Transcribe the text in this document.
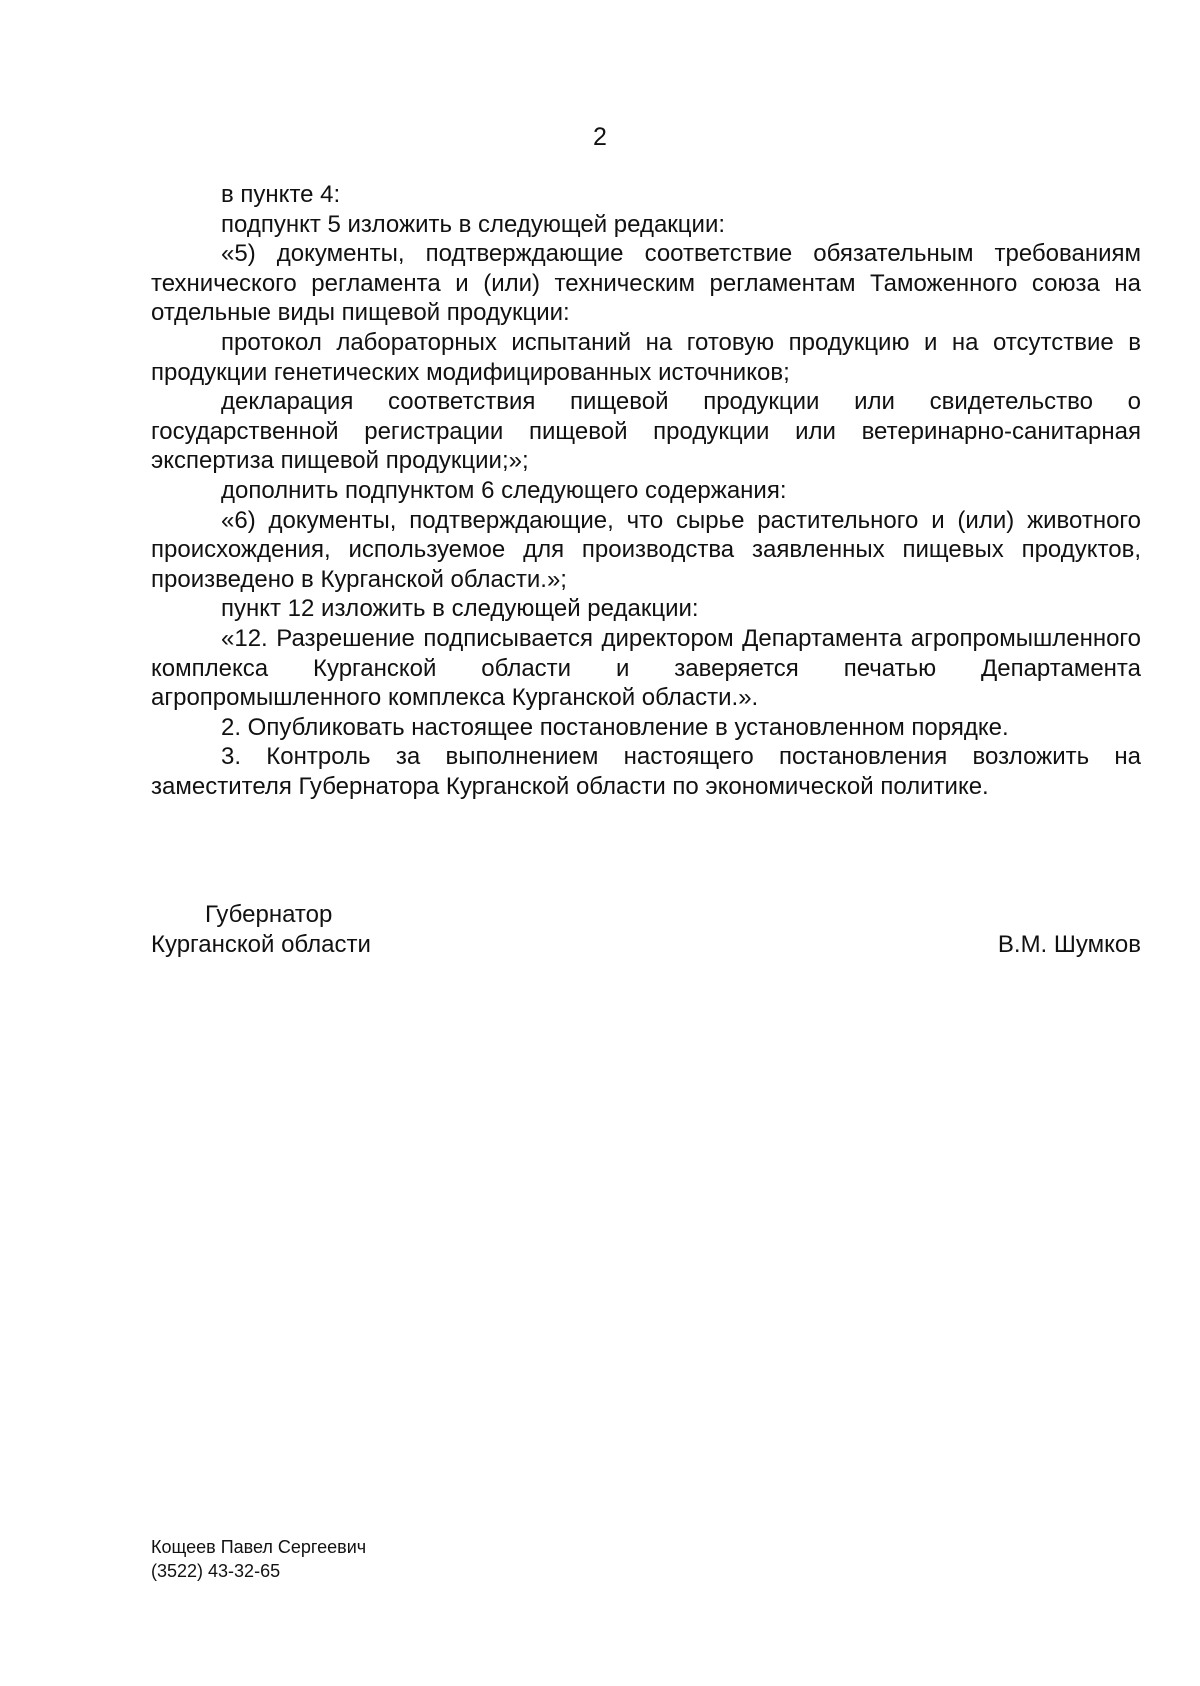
2

в пункте 4:

подпункт 5 изложить в следующей редакции:

«5) документы, подтверждающие соответствие обязательным требованиям технического регламента и (или) техническим регламентам Таможенного союза на отдельные виды пищевой продукции:

протокол лабораторных испытаний на готовую продукцию и на отсутствие в продукции генетических модифицированных источников;

декларация соответствия пищевой продукции или свидетельство о государственной регистрации пищевой продукции или ветеринарно-санитарная экспертиза пищевой продукции;»;

дополнить подпунктом 6 следующего содержания:

«6) документы, подтверждающие, что сырье растительного и (или) животного происхождения, используемое для производства заявленных пищевых продуктов, произведено в Курганской области.»;

пункт 12 изложить в следующей редакции:

«12. Разрешение подписывается директором Департамента агропромышленного комплекса Курганской области и заверяется печатью Департамента агропромышленного комплекса Курганской области.».

2. Опубликовать настоящее постановление в установленном порядке.

3. Контроль за выполнением настоящего постановления возложить на заместителя Губернатора Курганской области по экономической политике.

Губернатор
Курганской области	В.М. Шумков
Кощеев Павел Сергеевич
(3522) 43-32-65
